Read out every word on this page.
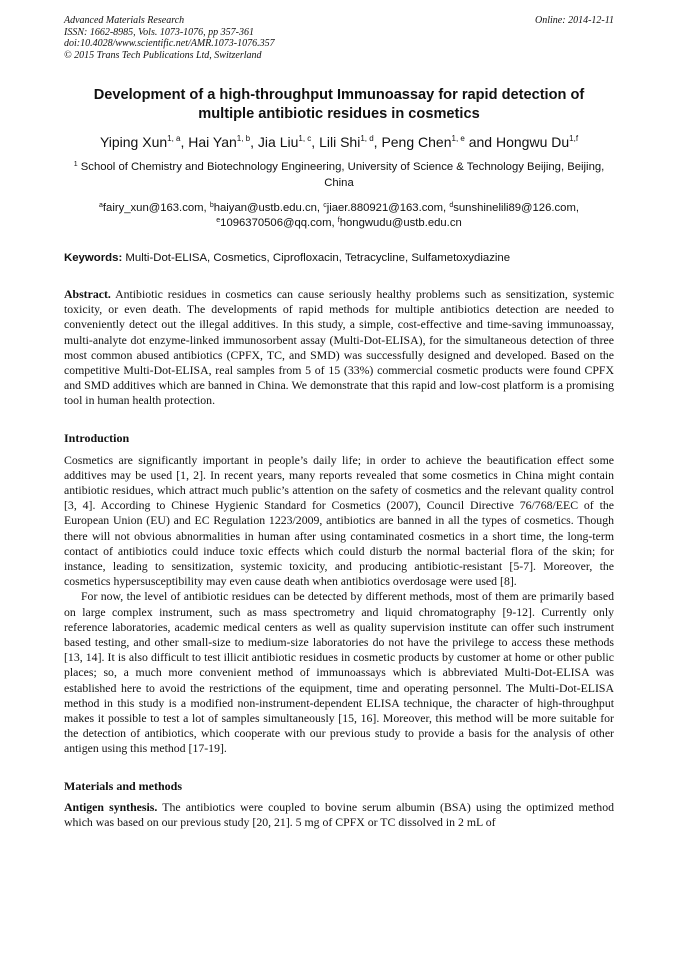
Advanced Materials Research
ISSN: 1662-8985, Vols. 1073-1076, pp 357-361
doi:10.4028/www.scientific.net/AMR.1073-1076.357
© 2015 Trans Tech Publications Ltd, Switzerland
Online: 2014-12-11
Development of a high-throughput Immunoassay for rapid detection of multiple antibiotic residues in cosmetics
Yiping Xun$^{1, a}$, Hai Yan$^{1, b}$, Jia Liu$^{1, c}$, Lili Shi$^{1, d}$, Peng Chen$^{1, e}$ and Hongwu Du$^{1,f}$
$^1$ School of Chemistry and Biotechnology Engineering, University of Science & Technology Beijing, Beijing, China
$^a$fairy_xun@163.com, $^b$haiyan@ustb.edu.cn, $^c$jiaer.880921@163.com, $^d$sunshinelili89@126.com,
$^e$1096370506@qq.com, $^f$hongwudu@ustb.edu.cn
Keywords: Multi-Dot-ELISA, Cosmetics, Ciprofloxacin, Tetracycline, Sulfametoxydiazine
Abstract. Antibiotic residues in cosmetics can cause seriously healthy problems such as sensitization, systemic toxicity, or even death. The developments of rapid methods for multiple antibiotics detection are needed to conveniently detect out the illegal additives. In this study, a simple, cost-effective and time-saving immunoassay, multi-analyte dot enzyme-linked immunosorbent assay (Multi-Dot-ELISA), for the simultaneous detection of three most common abused antibiotics (CPFX, TC, and SMD) was successfully designed and developed. Based on the competitive Multi-Dot-ELISA, real samples from 5 of 15 (33%) commercial cosmetic products were found CPFX and SMD additives which are banned in China. We demonstrate that this rapid and low-cost platform is a promising tool in human health protection.
Introduction

Cosmetics are significantly important in people’s daily life; in order to achieve the beautification effect some additives may be used [1, 2]. In recent years, many reports revealed that some cosmetics in China might contain antibiotic residues, which attract much public’s attention on the safety of cosmetics and the relevant quality control [3, 4]. According to Chinese Hygienic Standard for Cosmetics (2007), Council Directive 76/768/EEC of the European Union (EU) and EC Regulation 1223/2009, antibiotics are banned in all the types of cosmetics. Though there will not obvious abnormalities in human after using contaminated cosmetics in a short time, the long-term contact of antibiotics could induce toxic effects which could disturb the normal bacterial flora of the skin; for instance, leading to sensitization, systemic toxicity, and producing antibiotic-resistant [5-7]. Moreover, the cosmetics hypersusceptibility may even cause death when antibiotics overdosage were used [8].

For now, the level of antibiotic residues can be detected by different methods, most of them are primarily based on large complex instrument, such as mass spectrometry and liquid chromatography [9-12]. Currently only reference laboratories, academic medical centers as well as quality supervision institute can offer such instrument based testing, and other small-size to medium-size laboratories do not have the privilege to access these methods [13, 14]. It is also difficult to test illicit antibiotic residues in cosmetic products by customer at home or other public places; so, a much more convenient method of immunoassays which is abbreviated Multi-Dot-ELISA was established here to avoid the restrictions of the equipment, time and operating personnel. The Multi-Dot-ELISA method in this study is a modified non-instrument-dependent ELISA technique, the character of high-throughput makes it possible to test a lot of samples simultaneously [15, 16]. Moreover, this method will be more suitable for the detection of antibiotics, which cooperate with our previous study to provide a basis for the analysis of other antigen using this method [17-19].

Materials and methods

Antigen synthesis. The antibiotics were coupled to bovine serum albumin (BSA) using the optimized method which was based on our previous study [20, 21]. 5 mg of CPFX or TC dissolved in 2 mL of
